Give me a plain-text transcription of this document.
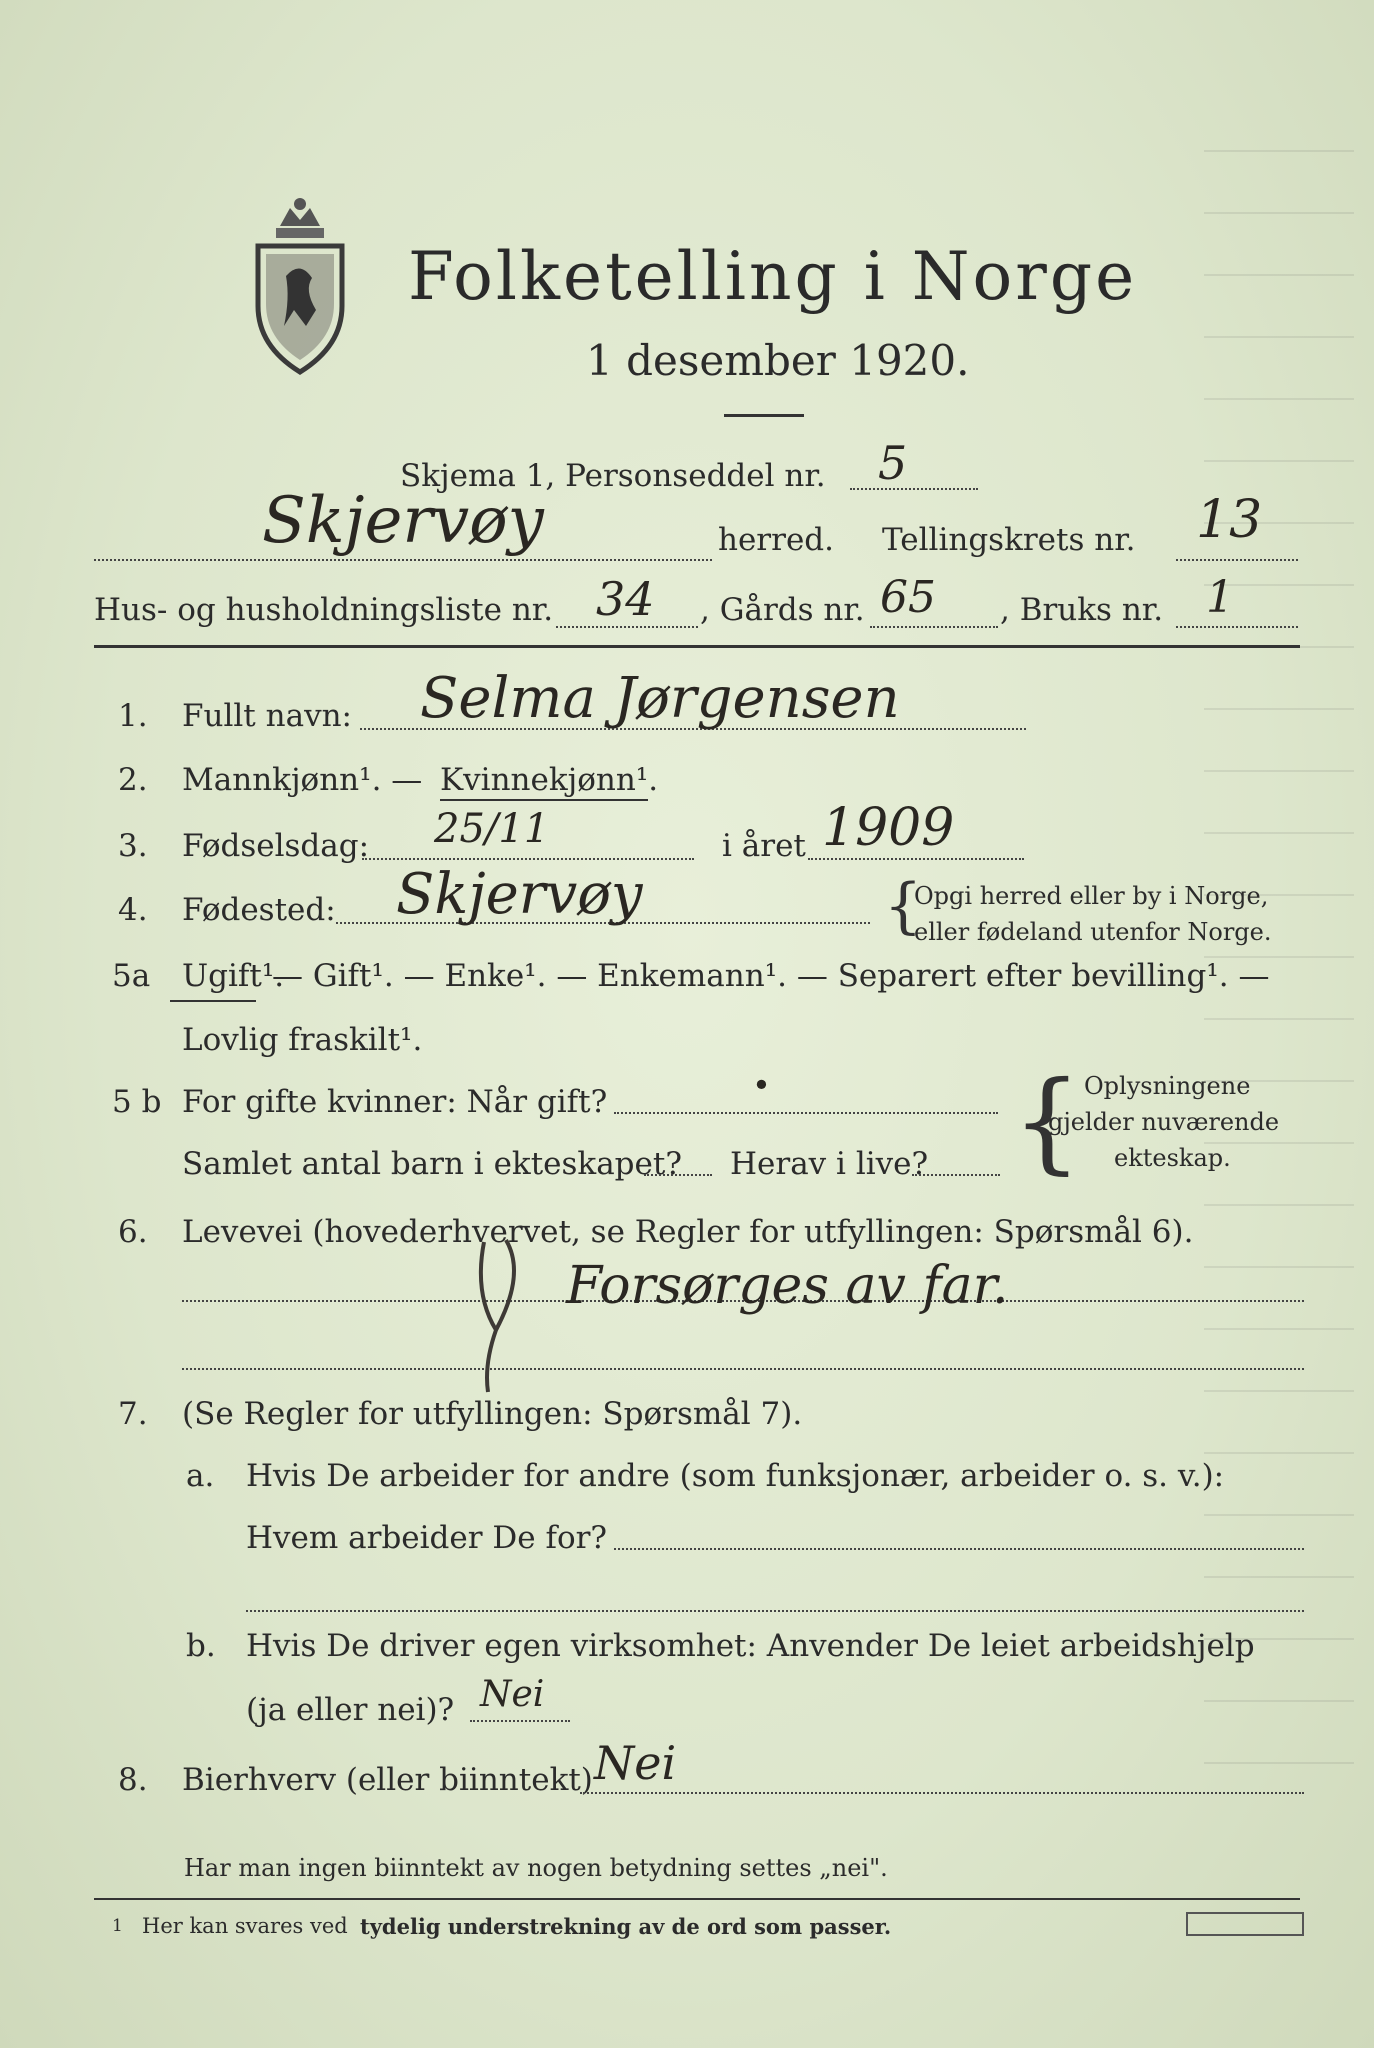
Folketelling i Norge
1 desember 1920.
Skjema 1, Personseddel nr. 5
Skjervøy	herred. Tellingskrets nr. 13
Hus- og husholdningsliste nr. 34 , Gårds nr. 65 , Bruks nr. 1
1. Fullt navn: Selma Jørgensen
2. Mannkjønn¹. — Kvinnekjønn¹.
3. Fødselsdag: 25/11	i året 1909
4. Fødested: Skjervøy	{
Opgi herred eller by i Norge,
eller fødeland utenfor Norge.
5a Ugift¹.
— Gift¹. — Enke¹. — Enkemann¹. — Separert efter bevilling¹. —
Lovlig fraskilt¹.
5 b For gifte kvinner: Når gift?	•
Samlet antal barn i ekteskapet? Herav i live? { Oplysningene
gjelder nuværende
ekteskap.
6. Levevei (hovederhvervet, se Regler for utfyllingen: Spørsmål 6).
Forsørges av far.
7. (Se Regler for utfyllingen: Spørsmål 7).
a. Hvis De arbeider for andre (som funksjonær, arbeider o. s. v.):
Hvem arbeider De for?
b. Hvis De driver egen virksomhet: Anvender De leiet arbeidshjelp
(ja eller nei)? Nei
8. Bierhverv (eller biinntekt) Nei
Har man ingen biinntekt av nogen betydning settes „nei".
1 Her kan svares ved tydelig understrekning av de ord som passer.
